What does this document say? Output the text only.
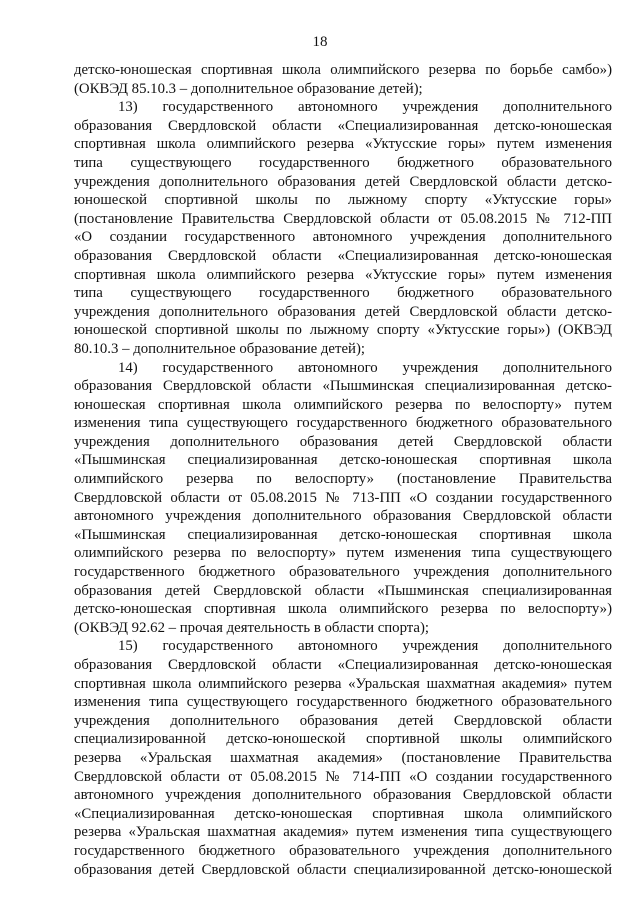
18
детско-юношеская спортивная школа олимпийского резерва по борьбе самбо»)
(ОКВЭД 85.10.3 – дополнительное образование детей);
13) государственного автономного учреждения дополнительного
образования Свердловской области «Специализированная детско-юношеская
спортивная школа олимпийского резерва «Уктусские горы» путем изменения
типа существующего государственного бюджетного образовательного
учреждения дополнительного образования детей Свердловской области детско-
юношеской спортивной школы по лыжному спорту «Уктусские горы»
(постановление Правительства Свердловской области от 05.08.2015 № 712-ПП
«О создании государственного автономного учреждения дополнительного
образования Свердловской области «Специализированная детско-юношеская
спортивная школа олимпийского резерва «Уктусские горы» путем изменения
типа существующего государственного бюджетного образовательного
учреждения дополнительного образования детей Свердловской области детско-
юношеской спортивной школы по лыжному спорту «Уктусские горы») (ОКВЭД
80.10.3 – дополнительное образование детей);
14) государственного автономного учреждения дополнительного
образования Свердловской области «Пышминская специализированная детско-
юношеская спортивная школа олимпийского резерва по велоспорту» путем
изменения типа существующего государственного бюджетного образовательного
учреждения дополнительного образования детей Свердловской области
«Пышминская специализированная детско-юношеская спортивная школа
олимпийского резерва по велоспорту» (постановление Правительства
Свердловской области от 05.08.2015 № 713-ПП «О создании государственного
автономного учреждения дополнительного образования Свердловской области
«Пышминская специализированная детско-юношеская спортивная школа
олимпийского резерва по велоспорту» путем изменения типа существующего
государственного бюджетного образовательного учреждения дополнительного
образования детей Свердловской области «Пышминская специализированная
детско-юношеская спортивная школа олимпийского резерва по велоспорту»)
(ОКВЭД 92.62 – прочая деятельность в области спорта);
15) государственного автономного учреждения дополнительного
образования Свердловской области «Специализированная детско-юношеская
спортивная школа олимпийского резерва «Уральская шахматная академия» путем
изменения типа существующего государственного бюджетного образовательного
учреждения дополнительного образования детей Свердловской области
специализированной детско-юношеской спортивной школы олимпийского
резерва «Уральская шахматная академия» (постановление Правительства
Свердловской области от 05.08.2015 № 714-ПП «О создании государственного
автономного учреждения дополнительного образования Свердловской области
«Специализированная детско-юношеская спортивная школа олимпийского
резерва «Уральская шахматная академия» путем изменения типа существующего
государственного бюджетного образовательного учреждения дополнительного
образования детей Свердловской области специализированной детско-юношеской
